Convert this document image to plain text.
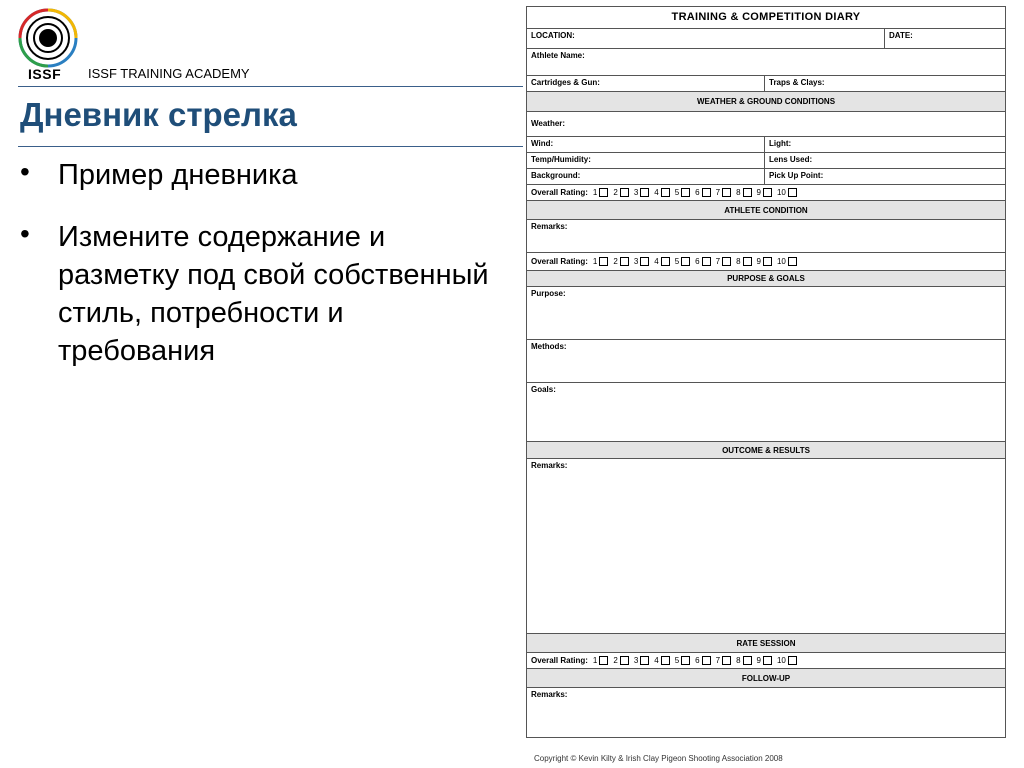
ISSF ISSF TRAINING ACADEMY
Дневник стрелка
• Пример дневника
• Измените содержание и разметку под свой собственный стиль, потребности и требования
TRAINING & COMPETITION DIARY
LOCATION:	DATE:
Athlete Name:
Cartridges & Gun:	Traps & Clays:
WEATHER & GROUND CONDITIONS
Weather:
Wind:	Light:
Temp/Humidity:	Lens Used:
Background:	Pick Up Point:
Overall Rating: 1 2 3 4 5 6 7 8 9 10
ATHLETE CONDITION
Remarks:
Overall Rating: 1 2 3 4 5 6 7 8 9 10
PURPOSE & GOALS
Purpose:
Methods:
Goals:
OUTCOME & RESULTS
Remarks:
RATE SESSION
Overall Rating: 1 2 3 4 5 6 7 8 9 10
FOLLOW-UP
Remarks:
Copyright © Kevin Kilty & Irish Clay Pigeon Shooting Association 2008
